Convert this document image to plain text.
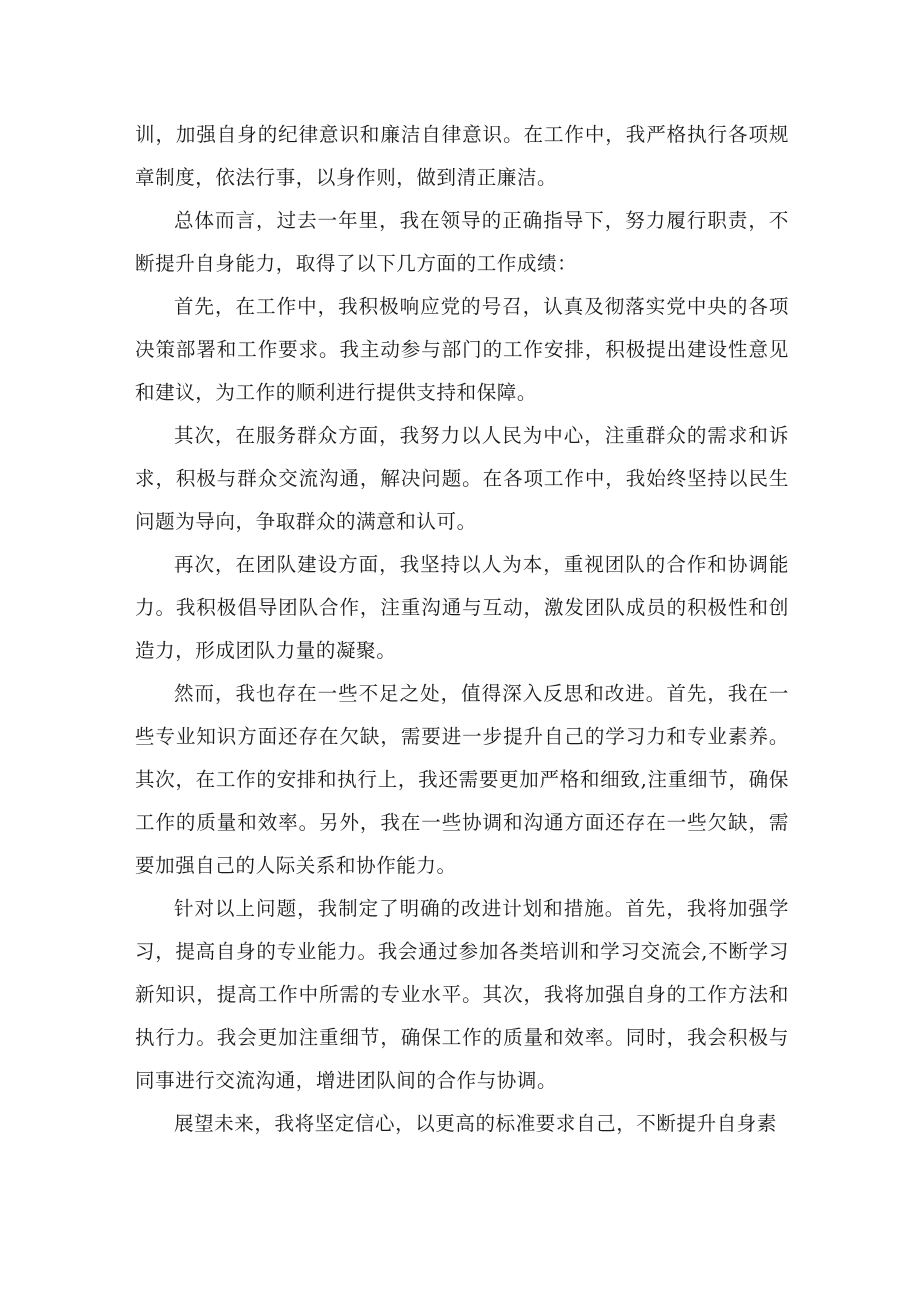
训，加强自身的纪律意识和廉洁自律意识。在工作中，我严格执行各项规章制度，依法行事，以身作则，做到清正廉洁。

总体而言，过去一年里，我在领导的正确指导下，努力履行职责，不断提升自身能力，取得了以下几方面的工作成绩：

首先，在工作中，我积极响应党的号召，认真及彻落实党中央的各项决策部署和工作要求。我主动参与部门的工作安排，积极提出建设性意见和建议，为工作的顺利进行提供支持和保障。

其次，在服务群众方面，我努力以人民为中心，注重群众的需求和诉求，积极与群众交流沟通，解决问题。在各项工作中，我始终坚持以民生问题为导向，争取群众的满意和认可。

再次，在团队建设方面，我坚持以人为本，重视团队的合作和协调能力。我积极倡导团队合作，注重沟通与互动，激发团队成员的积极性和创造力，形成团队力量的凝聚。

然而，我也存在一些不足之处，值得深入反思和改进。首先，我在一些专业知识方面还存在欠缺，需要进一步提升自己的学习力和专业素养。其次，在工作的安排和执行上，我还需要更加严格和细致,注重细节，确保工作的质量和效率。另外，我在一些协调和沟通方面还存在一些欠缺，需要加强自己的人际关系和协作能力。

针对以上问题，我制定了明确的改进计划和措施。首先，我将加强学习，提高自身的专业能力。我会通过参加各类培训和学习交流会,不断学习新知识，提高工作中所需的专业水平。其次，我将加强自身的工作方法和执行力。我会更加注重细节，确保工作的质量和效率。同时，我会积极与同事进行交流沟通，增进团队间的合作与协调。

展望未来，我将坚定信心，以更高的标准要求自己，不断提升自身素
